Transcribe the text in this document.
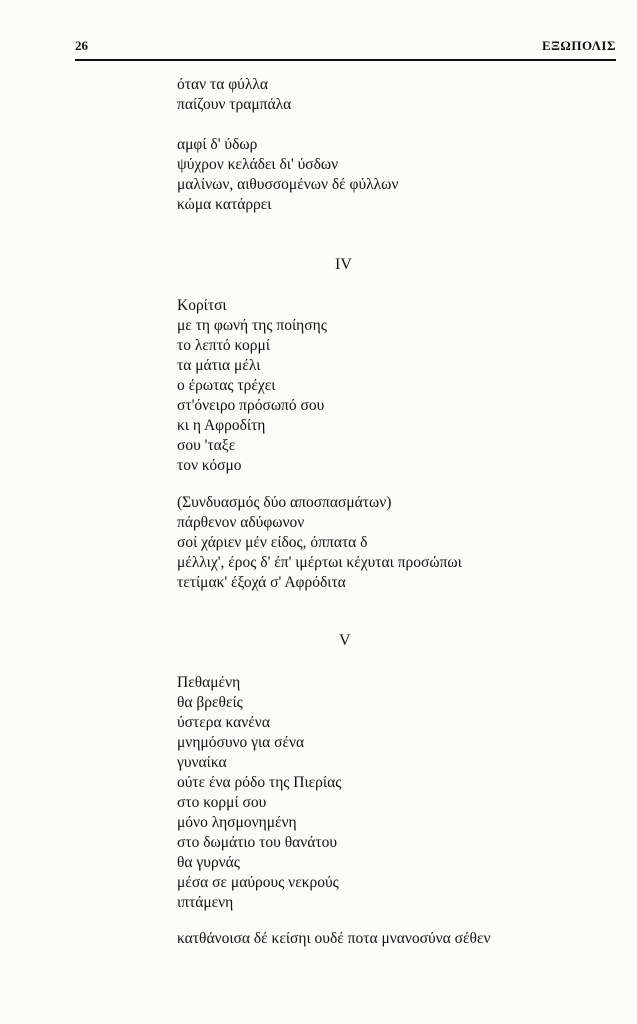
26	ΕΞΩΠΟΛΙΣ
όταν τα φύλλα
παίζουν τραμπάλα
αμφί δ' ύδωρ
ψύχρον κελάδει δι' ύσδων
μαλίνων, αιθυσσομένων δέ φύλλων
κώμα κατάρρει
IV
Κορίτσι
με τη φωνή της ποίησης
το λεπτό κορμί
τα μάτια μέλι
ο έρωτας τρέχει
στ'όνειρο πρόσωπό σου
κι η Αφροδίτη
σου 'ταξε
τον κόσμο
(Συνδυασμός δύο αποσπασμάτων)
πάρθενον αδύφωνον
σοί χάριεν μέν είδος, όππατα δ
μέλλιχ', έρος δ' έπ' ιμέρτωι κέχυται προσώπωι
τετίμακ' έξοχά σ' Αφρόδιτα
V
Πεθαμένη
θα βρεθείς
ύστερα κανένα
μνημόσυνο για σένα
γυναίκα
ούτε ένα ρόδο της Πιερίας
στο κορμί σου
μόνο λησμονημένη
στο δωμάτιο του θανάτου
θα γυρνάς
μέσα σε μαύρους νεκρούς
ιπτάμενη
κατθάνοισα δέ κείσηι ουδέ ποτα μνανοσύνα σέθεν
